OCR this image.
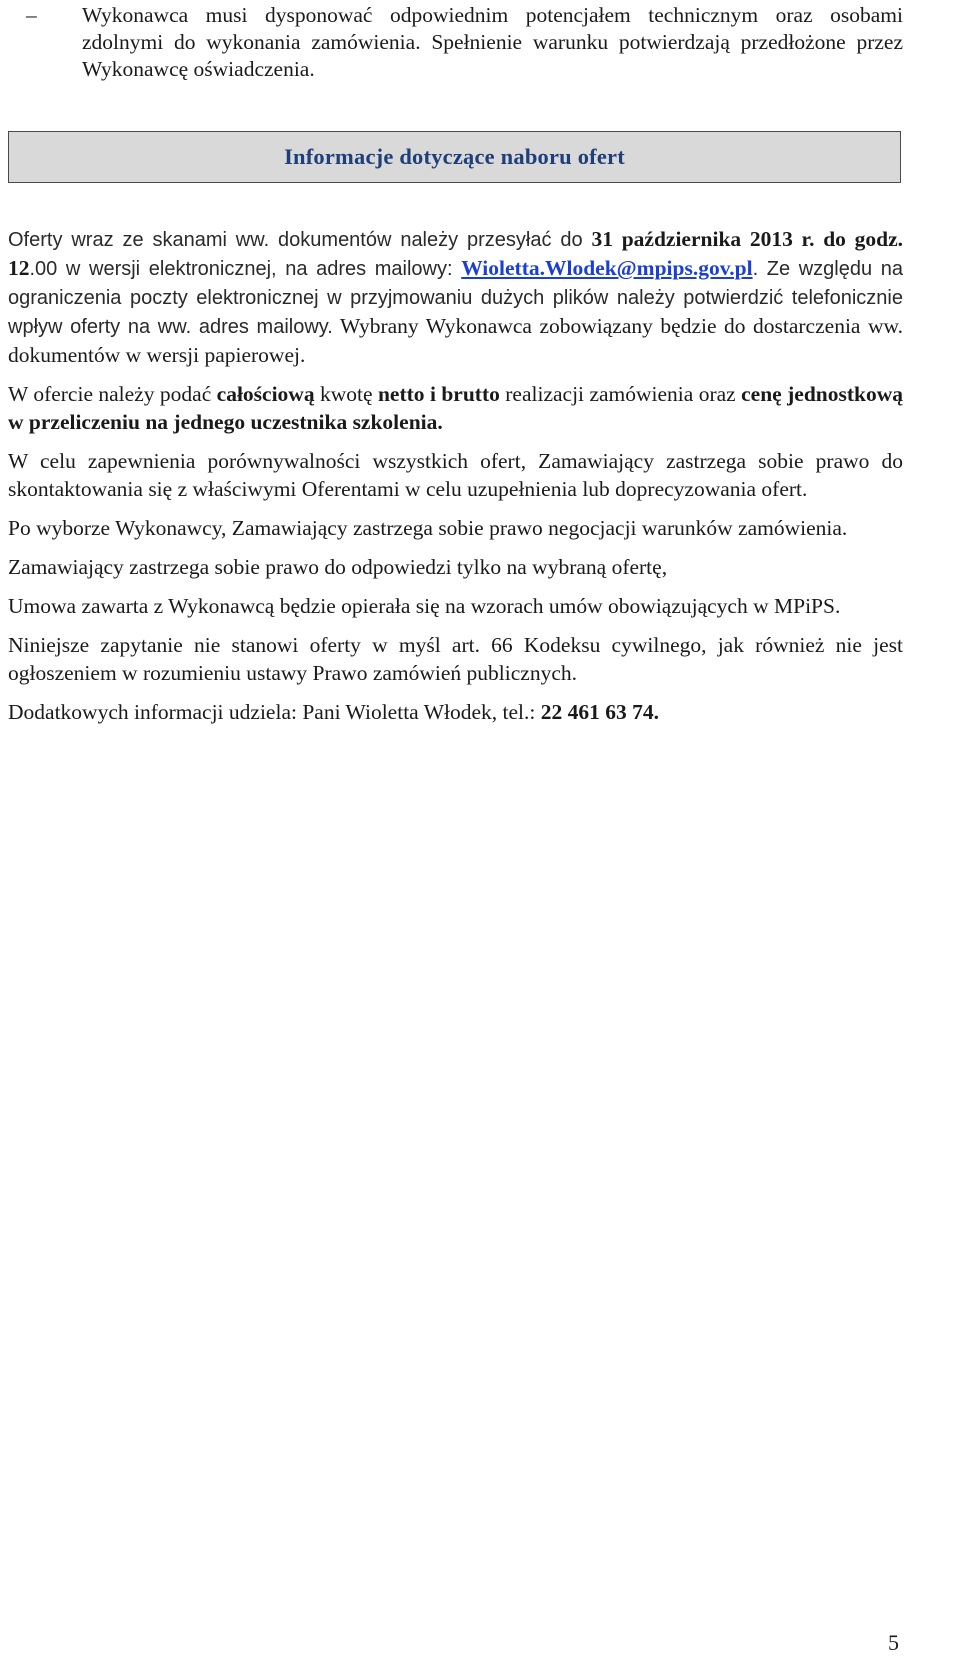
– Wykonawca musi dysponować odpowiednim potencjałem technicznym oraz osobami zdolnymi do wykonania zamówienia. Spełnienie warunku potwierdzają przedłożone przez Wykonawcę oświadczenia.
Informacje dotyczące naboru ofert

Oferty wraz ze skanami ww. dokumentów należy przesyłać do 31 października 2013 r. do godz. 12.00 w wersji elektronicznej, na adres mailowy: Wioletta.Wlodek@mpips.gov.pl. Ze względu na ograniczenia poczty elektronicznej w przyjmowaniu dużych plików należy potwierdzić telefonicznie wpływ oferty na ww. adres mailowy. Wybrany Wykonawca zobowiązany będzie do dostarczenia ww. dokumentów w wersji papierowej.

W ofercie należy podać całościową kwotę netto i brutto realizacji zamówienia oraz cenę jednostkową w przeliczeniu na jednego uczestnika szkolenia.

W celu zapewnienia porównywalności wszystkich ofert, Zamawiający zastrzega sobie prawo do skontaktowania się z właściwymi Oferentami w celu uzupełnienia lub doprecyzowania ofert.

Po wyborze Wykonawcy, Zamawiający zastrzega sobie prawo negocjacji warunków zamówienia.

Zamawiający zastrzega sobie prawo do odpowiedzi tylko na wybraną ofertę,

Umowa zawarta z Wykonawcą będzie opierała się na wzorach umów obowiązujących w MPiPS.

Niniejsze zapytanie nie stanowi oferty w myśl art. 66 Kodeksu cywilnego, jak również nie jest ogłoszeniem w rozumieniu ustawy Prawo zamówień publicznych.

Dodatkowych informacji udziela: Pani Wioletta Włodek, tel.: 22 461 63 74.

5
